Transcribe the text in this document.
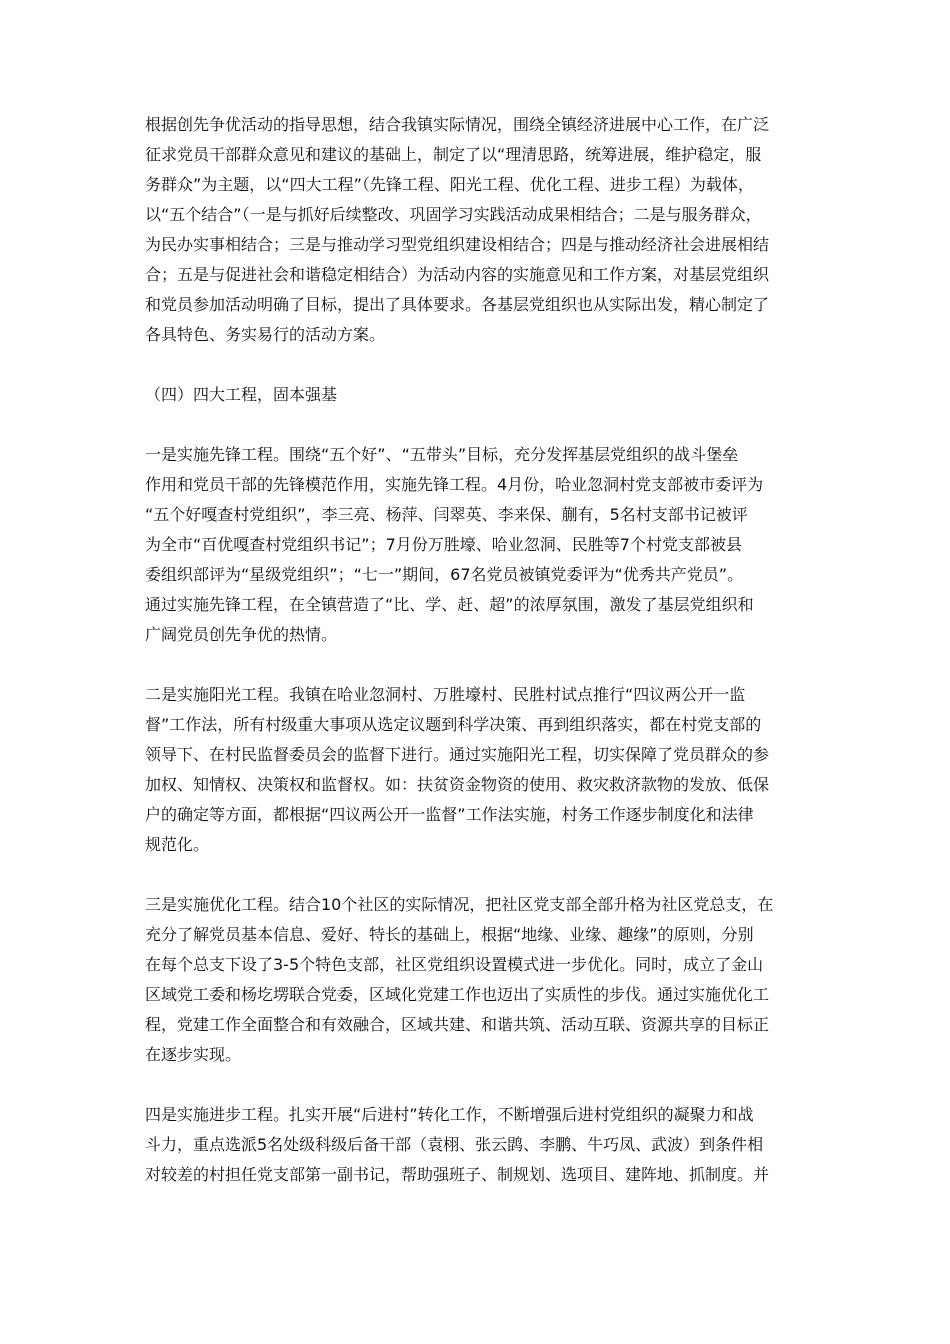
根据创先争优活动的指导思想，结合我镇实际情况，围绕全镇经济进展中心工作，在广泛
征求党员干部群众意见和建议的基础上，制定了以“理清思路，统筹进展，维护稳定，服
务群众”为主题，以“四大工程”（先锋工程、阳光工程、优化工程、进步工程）为载体，
以“五个结合”（一是与抓好后续整改、巩固学习实践活动成果相结合；二是与服务群众，
为民办实事相结合；三是与推动学习型党组织建设相结合；四是与推动经济社会进展相结
合；五是与促进社会和谐稳定相结合）为活动内容的实施意见和工作方案，对基层党组织
和党员参加活动明确了目标，提出了具体要求。各基层党组织也从实际出发，精心制定了
各具特色、务实易行的活动方案。
（四）四大工程，固本强基
一是实施先锋工程。围绕“五个好”、“五带头”目标，充分发挥基层党组织的战斗堡垒
作用和党员干部的先锋模范作用，实施先锋工程。4月份，哈业忽洞村党支部被市委评为
“五个好嘎查村党组织”，李三亮、杨萍、闫翠英、李来保、蒯有，5名村支部书记被评
为全市“百优嘎查村党组织书记”；7月份万胜壕、哈业忽洞、民胜等7个村党支部被县
委组织部评为“星级党组织”；“七一”期间，67名党员被镇党委评为“优秀共产党员”。
通过实施先锋工程，在全镇营造了“比、学、赶、超”的浓厚氛围，激发了基层党组织和
广阔党员创先争优的热情。
二是实施阳光工程。我镇在哈业忽洞村、万胜壕村、民胜村试点推行“四议两公开一监
督”工作法，所有村级重大事项从选定议题到科学决策、再到组织落实，都在村党支部的
领导下、在村民监督委员会的监督下进行。通过实施阳光工程，切实保障了党员群众的参
加权、知情权、决策权和监督权。如：扶贫资金物资的使用、救灾救济款物的发放、低保
户的确定等方面，都根据“四议两公开一监督”工作法实施，村务工作逐步制度化和法律
规范化。
三是实施优化工程。结合10个社区的实际情况，把社区党支部全部升格为社区党总支，在
充分了解党员基本信息、爱好、特长的基础上，根据“地缘、业缘、趣缘”的原则，分别
在每个总支下设了3-5个特色支部，社区党组织设置模式进一步优化。同时，成立了金山
区域党工委和杨圪塄联合党委，区域化党建工作也迈出了实质性的步伐。通过实施优化工
程，党建工作全面整合和有效融合，区域共建、和谐共筑、活动互联、资源共享的目标正
在逐步实现。
四是实施进步工程。扎实开展“后进村”转化工作，不断增强后进村党组织的凝聚力和战
斗力，重点选派5名处级科级后备干部（袁栩、张云鹍、李鹏、牛巧凤、武波）到条件相
对较差的村担任党支部第一副书记，帮助强班子、制规划、选项目、建阵地、抓制度。并
